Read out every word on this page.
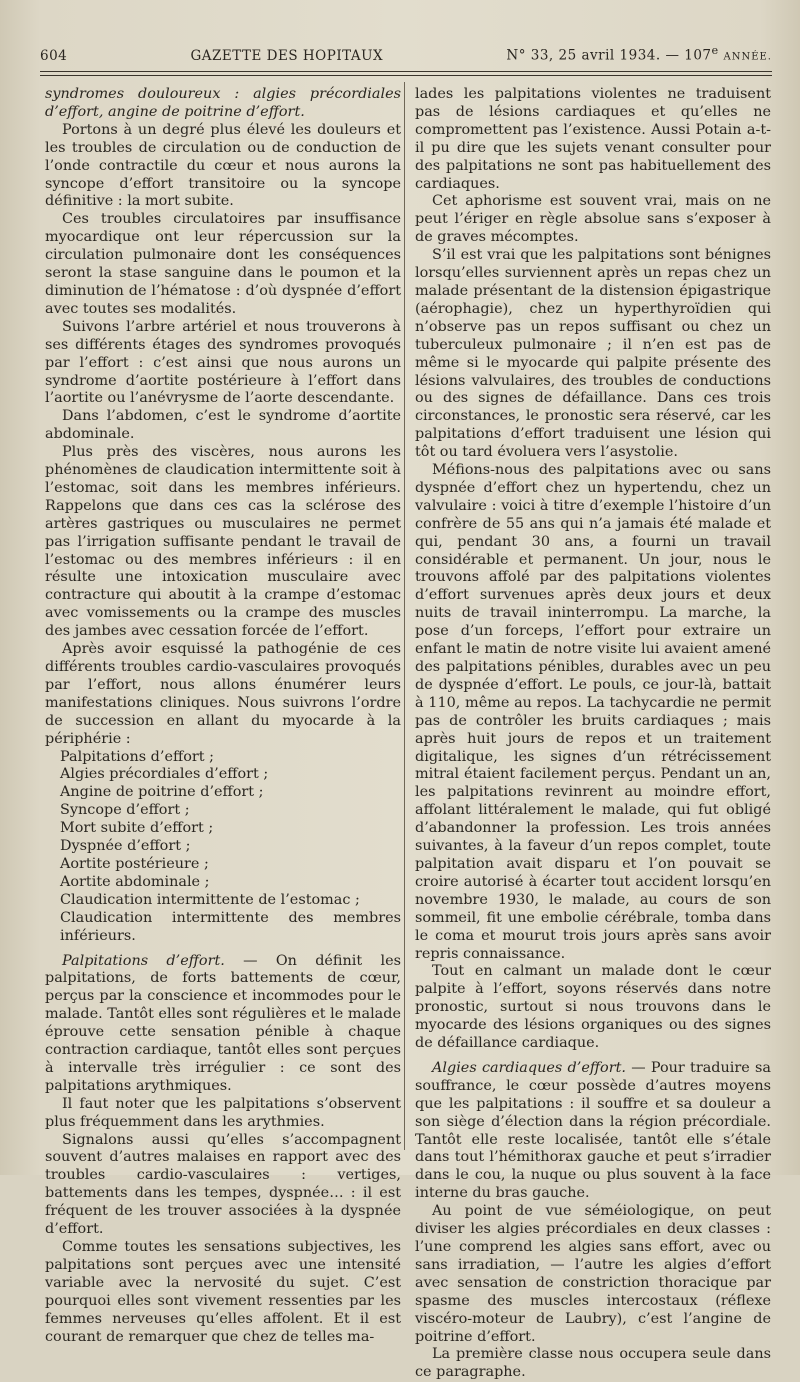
604	GAZETTE DES HOPITAUX	N° 33, 25 avril 1934. — 107e ANNÉE.

syndromes douloureux : algies précordiales d’effort, angine de poitrine d’effort.

Portons à un degré plus élevé les douleurs et les troubles de circulation ou de conduction de l’onde contractile du cœur et nous aurons la syncope d’effort transitoire ou la syncope définitive : la mort subite.

Ces troubles circulatoires par insuffisance myocardique ont leur répercussion sur la circulation pulmonaire dont les conséquences seront la stase sanguine dans le poumon et la diminution de l’hématose : d’où dyspnée d’effort avec toutes ses modalités.

Suivons l’arbre artériel et nous trouverons à ses différents étages des syndromes provoqués par l’effort : c’est ainsi que nous aurons un syndrome d’aortite postérieure à l’effort dans l’aortite ou l’anévrysme de l’aorte descendante.

Dans l’abdomen, c’est le syndrome d’aortite abdominale.

Plus près des viscères, nous aurons les phénomènes de claudication intermittente soit à l’estomac, soit dans les membres inférieurs. Rappelons que dans ces cas la sclérose des artères gastriques ou musculaires ne permet pas l’irrigation suffisante pendant le travail de l’estomac ou des membres inférieurs : il en résulte une intoxication musculaire avec contracture qui aboutit à la crampe d’estomac avec vomissements ou la crampe des muscles des jambes avec cessation forcée de l’effort.

Après avoir esquissé la pathogénie de ces différents troubles cardio-vasculaires provoqués par l’effort, nous allons énumérer leurs manifestations cliniques. Nous suivrons l’ordre de succession en allant du myocarde à la périphérie :

Palpitations d’effort ;
Algies précordiales d’effort ;
Angine de poitrine d’effort ;
Syncope d’effort ;
Mort subite d’effort ;
Dyspnée d’effort ;
Aortite postérieure ;
Aortite abdominale ;
Claudication intermittente de l’estomac ;
Claudication intermittente des membres inférieurs.

Palpitations d’effort. — On définit les palpitations, de forts battements de cœur, perçus par la conscience et incommodes pour le malade. Tantôt elles sont régulières et le malade éprouve cette sensation pénible à chaque contraction cardiaque, tantôt elles sont perçues à intervalle très irrégulier : ce sont des palpitations arythmiques.

Il faut noter que les palpitations s’observent plus fréquemment dans les arythmies.

Signalons aussi qu’elles s’accompagnent souvent d’autres malaises en rapport avec des troubles cardio-vasculaires : vertiges, battements dans les tempes, dyspnée… : il est fréquent de les trouver associées à la dyspnée d’effort.

Comme toutes les sensations subjectives, les palpitations sont perçues avec une intensité variable avec la nervosité du sujet. C’est pourquoi elles sont vivement ressenties par les femmes nerveuses qu’elles affolent. Et il est courant de remarquer que chez de telles ma-

lades les palpitations violentes ne traduisent pas de lésions cardiaques et qu’elles ne compromettent pas l’existence. Aussi Potain a-t-il pu dire que les sujets venant consulter pour des palpitations ne sont pas habituellement des cardiaques.

Cet aphorisme est souvent vrai, mais on ne peut l’ériger en règle absolue sans s’exposer à de graves mécomptes.

S’il est vrai que les palpitations sont bénignes lorsqu’elles surviennent après un repas chez un malade présentant de la distension épigastrique (aérophagie), chez un hyperthyroïdien qui n’observe pas un repos suffisant ou chez un tuberculeux pulmonaire ; il n’en est pas de même si le myocarde qui palpite présente des lésions valvulaires, des troubles de conductions ou des signes de défaillance. Dans ces trois circonstances, le pronostic sera réservé, car les palpitations d’effort traduisent une lésion qui tôt ou tard évoluera vers l’asystolie.

Méfions-nous des palpitations avec ou sans dyspnée d’effort chez un hypertendu, chez un valvulaire : voici à titre d’exemple l’histoire d’un confrère de 55 ans qui n’a jamais été malade et qui, pendant 30 ans, a fourni un travail considérable et permanent. Un jour, nous le trouvons affolé par des palpitations violentes d’effort survenues après deux jours et deux nuits de travail ininterrompu. La marche, la pose d’un forceps, l’effort pour extraire un enfant le matin de notre visite lui avaient amené des palpitations pénibles, durables avec un peu de dyspnée d’effort. Le pouls, ce jour-là, battait à 110, même au repos. La tachycardie ne permit pas de contrôler les bruits cardiaques ; mais après huit jours de repos et un traitement digitalique, les signes d’un rétrécissement mitral étaient facilement perçus. Pendant un an, les palpitations revinrent au moindre effort, affolant littéralement le malade, qui fut obligé d’abandonner la profession. Les trois années suivantes, à la faveur d’un repos complet, toute palpitation avait disparu et l’on pouvait se croire autorisé à écarter tout accident lorsqu’en novembre 1930, le malade, au cours de son sommeil, fit une embolie cérébrale, tomba dans le coma et mourut trois jours après sans avoir repris connaissance.

Tout en calmant un malade dont le cœur palpite à l’effort, soyons réservés dans notre pronostic, surtout si nous trouvons dans le myocarde des lésions organiques ou des signes de défaillance cardiaque.

Algies cardiaques d’effort. — Pour traduire sa souffrance, le cœur possède d’autres moyens que les palpitations : il souffre et sa douleur a son siège d’élection dans la région précordiale. Tantôt elle reste localisée, tantôt elle s’étale dans tout l’hémithorax gauche et peut s’irradier dans le cou, la nuque ou plus souvent à la face interne du bras gauche.

Au point de vue séméiologique, on peut diviser les algies précordiales en deux classes : l’une comprend les algies sans effort, avec ou sans irradiation, — l’autre les algies d’effort avec sensation de constriction thoracique par spasme des muscles intercostaux (réflexe viscéro-moteur de Laubry), c’est l’angine de poitrine d’effort.

La première classe nous occupera seule dans ce paragraphe.
